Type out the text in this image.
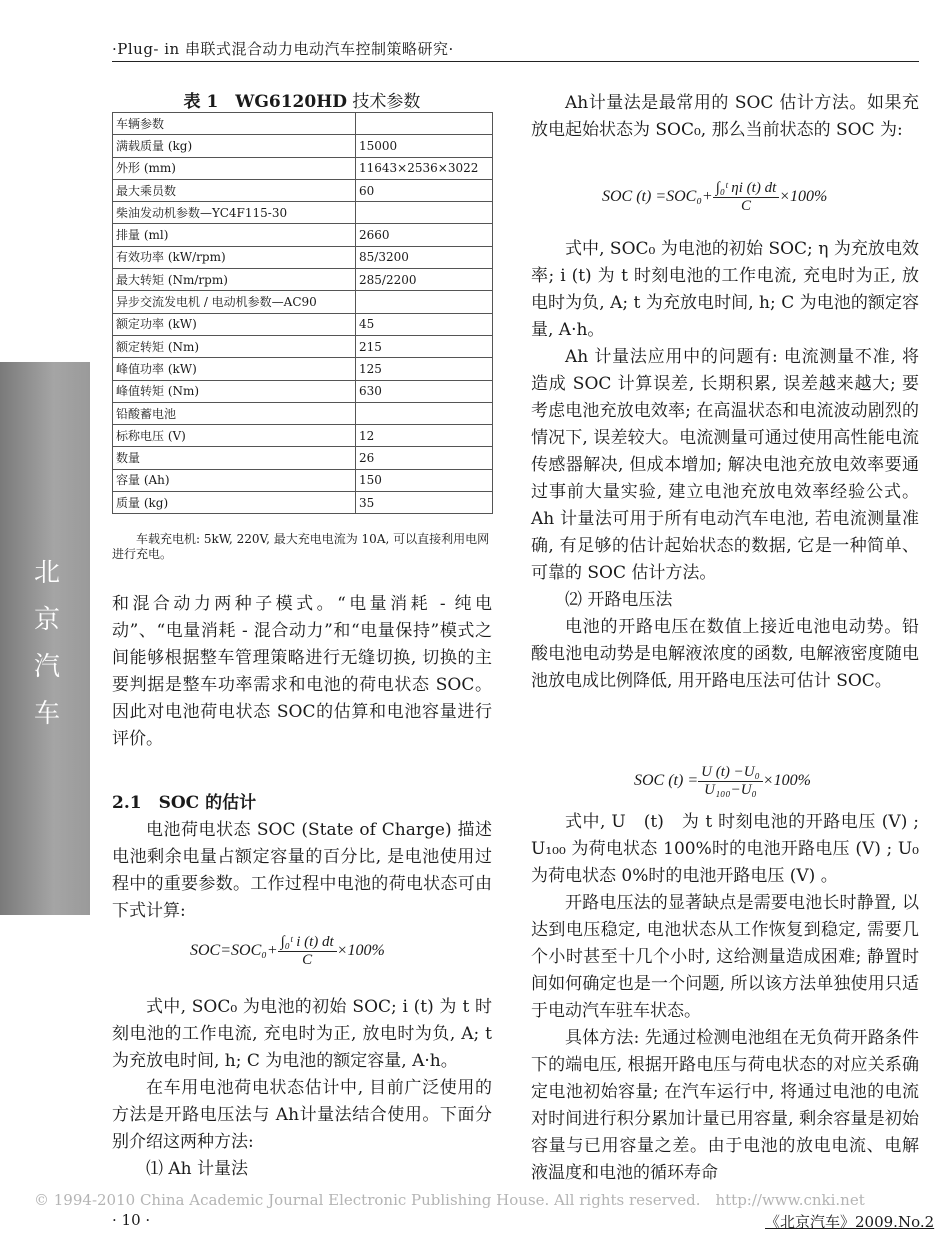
·Plug- in 串联式混合动力电动汽车控制策略研究·
北
京
汽
车
表 1　WG6120HD 技术参数
车辆参数	
满载质量 (kg)	15000
外形 (mm)	11643×2536×3022
最大乘员数	60
柴油发动机参数—YC4F115-30	
排量 (ml)	2660
有效功率 (kW/rpm)	85/3200
最大转矩 (Nm/rpm)	285/2200
异步交流发电机 / 电动机参数—AC90	
额定功率 (kW)	45
额定转矩 (Nm)	215
峰值功率 (kW)	125
峰值转矩 (Nm)	630
铅酸蓄电池	
标称电压 (V)	12
数量	26
容量 (Ah)	150
质量 (kg)	35
车载充电机: 5kW, 220V, 最大充电电流为 10A, 可以直接利用电网进行充电。

和混合动力两种子模式。“电量消耗 - 纯电动”、“电量消耗 - 混合动力”和“电量保持”模式之间能够根据整车管理策略进行无缝切换, 切换的主要判据是整车功率需求和电池的荷电状态 SOC。因此对电池荷电状态 SOC的估算和电池容量进行评价。

2.1　SOC 的估计

电池荷电状态 SOC (State of Charge) 描述电池剩余电量占额定容量的百分比, 是电池使用过程中的重要参数。工作过程中电池的荷电状态可由下式计算:

$SOC=SOC_0+ \frac{\text{∫₀ᵗ i (t) dt}}{C} \times 100\%$

式中, SOC₀ 为电池的初始 SOC; i (t) 为 t 时刻电池的工作电流, 充电时为正, 放电时为负, A; t 为充放电时间, h; C 为电池的额定容量, A·h。

在车用电池荷电状态估计中, 目前广泛使用的方法是开路电压法与 Ah计量法结合使用。下面分别介绍这两种方法:

⑴ Ah 计量法

Ah计量法是最常用的 SOC 估计方法。如果充放电起始状态为 SOC₀, 那么当前状态的 SOC 为:

SOC $(t) =SOC_0+ \frac{\text{∫₀ᵗ ηi (t) dt}}{C} \times 100\%$

式中, SOC₀ 为电池的初始 SOC; η 为充放电效率; i (t) 为 t 时刻电池的工作电流, 充电时为正, 放电时为负, A; t 为充放电时间, h; C 为电池的额定容量, A·h。

Ah 计量法应用中的问题有: 电流测量不准, 将造成 SOC 计算误差, 长期积累, 误差越来越大; 要考虑电池充放电效率; 在高温状态和电流波动剧烈的情况下, 误差较大。电流测量可通过使用高性能电流传感器解决, 但成本增加; 解决电池充放电效率要通过事前大量实验, 建立电池充放电效率经验公式。Ah 计量法可用于所有电动汽车电池, 若电流测量准确, 有足够的估计起始状态的数据, 它是一种简单、可靠的 SOC 估计方法。

⑵ 开路电压法

电池的开路电压在数值上接近电池电动势。铅酸电池电动势是电解液浓度的函数, 电解液密度随电池放电成比例降低, 用开路电压法可估计 SOC。

SOC $(t) = \frac{\text{U (t) −U₀}}{\text{U₁₀₀−U₀}} \times 100\%$

式中, U　(t)　为 t 时刻电池的开路电压 (V) ; U₁₀₀ 为荷电状态 100%时的电池开路电压 (V) ; U₀ 为荷电状态 0%时的电池开路电压 (V) 。

开路电压法的显著缺点是需要电池长时静置, 以达到电压稳定, 电池状态从工作恢复到稳定, 需要几个小时甚至十几个小时, 这给测量造成困难; 静置时间如何确定也是一个问题, 所以该方法单独使用只适于电动汽车驻车状态。

具体方法: 先通过检测电池组在无负荷开路条件下的端电压, 根据开路电压与荷电状态的对应关系确定电池初始容量; 在汽车运行中, 将通过电池的电流对时间进行积分累加计量已用容量, 剩余容量是初始容量与已用容量之差。由于电池的放电电流、电解液温度和电池的循环寿命

© 1994-2010 China Academic Journal Electronic Publishing House. All rights reserved.　http://www.cnki.net
· 10 ·	《北京汽车》2009.No.2
